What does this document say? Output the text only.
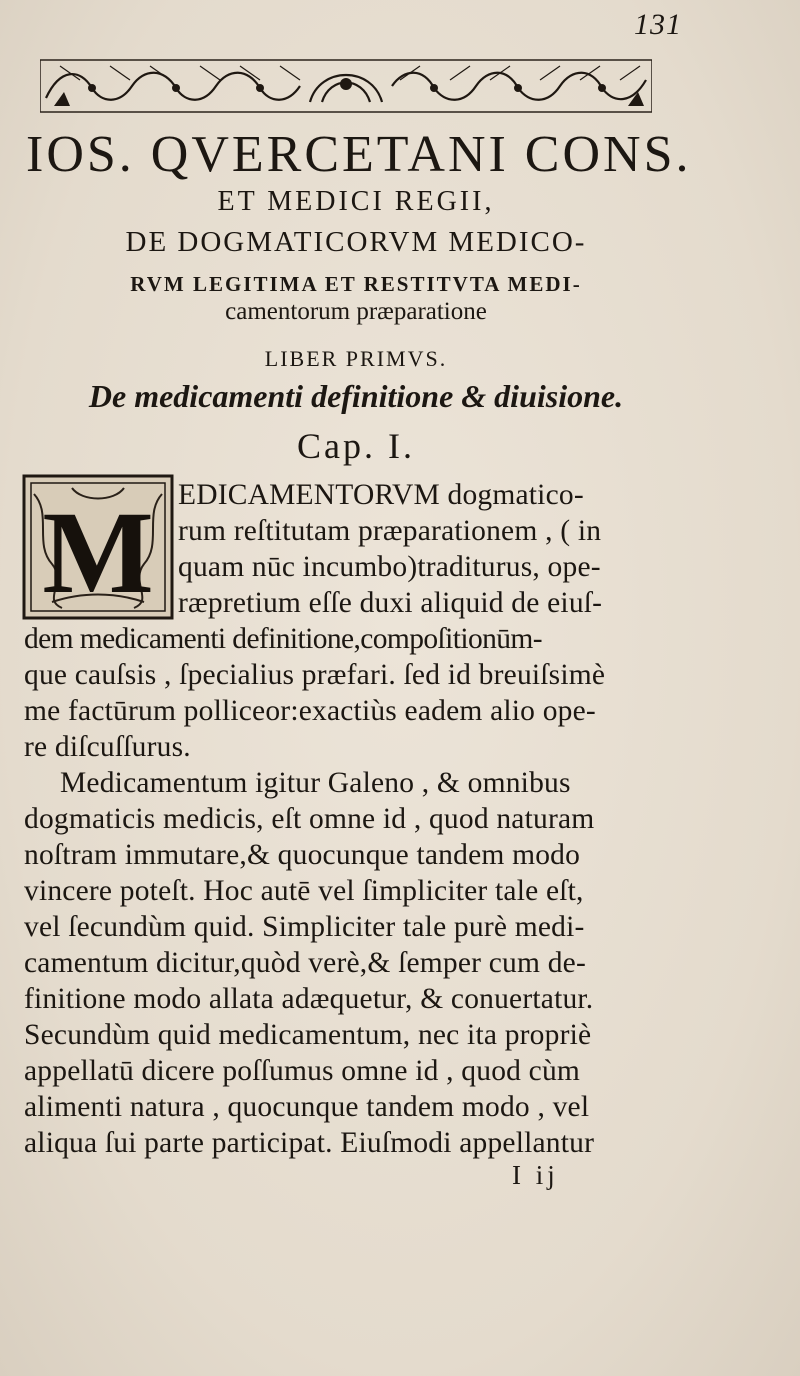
131
IOS. QVERCETANI CONS.
ET MEDICI REGII,
DE DOGMATICORVM MEDICO-
RVM LEGITIMA ET RESTITVTA MEDI-
camentorum præparatione
LIBER PRIMVS.
De medicamenti definitione & diuisione.
Cap. I.
M EDICAMENTORVM dogmatico-
rum reſtitutam præparationem , ( in
quam nūc incumbo)traditurus, ope-
ræpretium eſſe duxi aliquid de eiuſ-
dem medicamenti definitione,compoſitionūm-
que cauſsis , ſpecialius præfari. ſed id breuiſsimè
me factūrum polliceor:exactiùs eadem alio ope-
re diſcuſſurus.
Medicamentum igitur Galeno , & omnibus
dogmaticis medicis, eſt omne id , quod naturam
noſtram immutare,& quocunque tandem modo
vincere poteſt. Hoc autē vel ſimpliciter tale eſt,
vel ſecundùm quid. Simpliciter tale purè medi-
camentum dicitur,quòd verè,& ſemper cum de-
finitione modo allata adæquetur, & conuertatur.
Secundùm quid medicamentum, nec ita propriè
appellatū dicere poſſumus omne id , quod cùm
alimenti natura , quocunque tandem modo , vel
aliqua ſui parte participat. Eiuſmodi appellantur
I ij
